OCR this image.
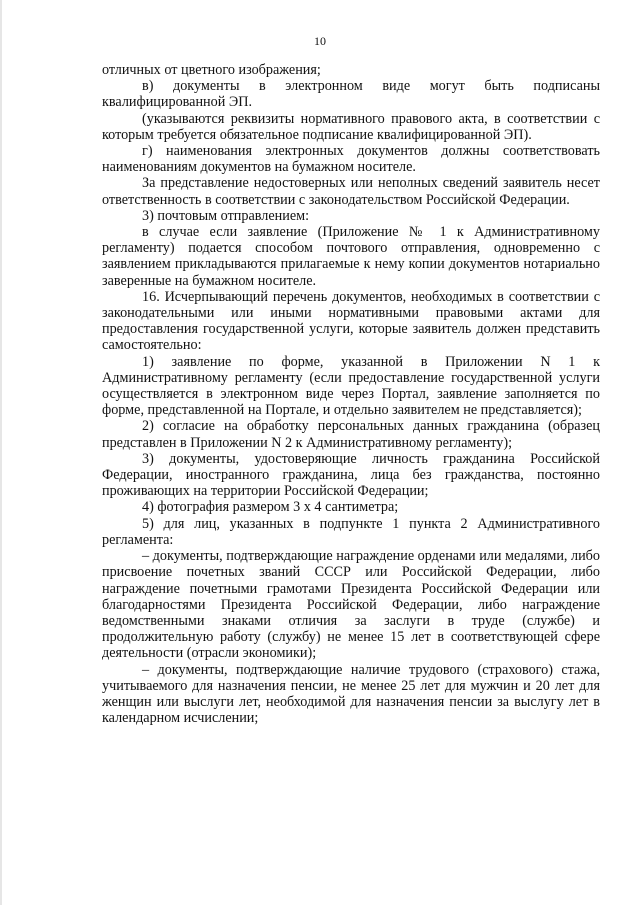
10

отличных от цветного изображения;

в) документы в электронном виде могут быть подписаны квалифицированной ЭП.

(указываются реквизиты нормативного правового акта, в соответствии с которым требуется обязательное подписание квалифицированной ЭП).

г) наименования электронных документов должны соответствовать наименованиям документов на бумажном носителе.

За представление недостоверных или неполных сведений заявитель несет ответственность в соответствии с законодательством Российской Федерации.

3) почтовым отправлением:

в случае если заявление (Приложение № 1 к Административному регламенту) подается способом почтового отправления, одновременно с заявлением прикладываются прилагаемые к нему копии документов нотариально заверенные на бумажном носителе.

16. Исчерпывающий перечень документов, необходимых в соответствии с законодательными или иными нормативными правовыми актами для предоставления государственной услуги, которые заявитель должен представить самостоятельно:

1) заявление по форме, указанной в Приложении N 1 к Административному регламенту (если предоставление государственной услуги осуществляется в электронном виде через Портал, заявление заполняется по форме, представленной на Портале, и отдельно заявителем не представляется);

2) согласие на обработку персональных данных гражданина (образец представлен в Приложении N 2 к Административному регламенту);

3) документы, удостоверяющие личность гражданина Российской Федерации, иностранного гражданина, лица без гражданства, постоянно проживающих на территории Российской Федерации;

4) фотография размером 3 х 4 сантиметра;

5) для лиц, указанных в подпункте 1 пункта 2 Административного регламента:

– документы, подтверждающие награждение орденами или медалями, либо присвоение почетных званий СССР или Российской Федерации, либо награждение почетными грамотами Президента Российской Федерации или благодарностями Президента Российской Федерации, либо награждение ведомственными знаками отличия за заслуги в труде (службе) и продолжительную работу (службу) не менее 15 лет в соответствующей сфере деятельности (отрасли экономики);

– документы, подтверждающие наличие трудового (страхового) стажа, учитываемого для назначения пенсии, не менее 25 лет для мужчин и 20 лет для женщин или выслуги лет, необходимой для назначения пенсии за выслугу лет в календарном исчислении;
